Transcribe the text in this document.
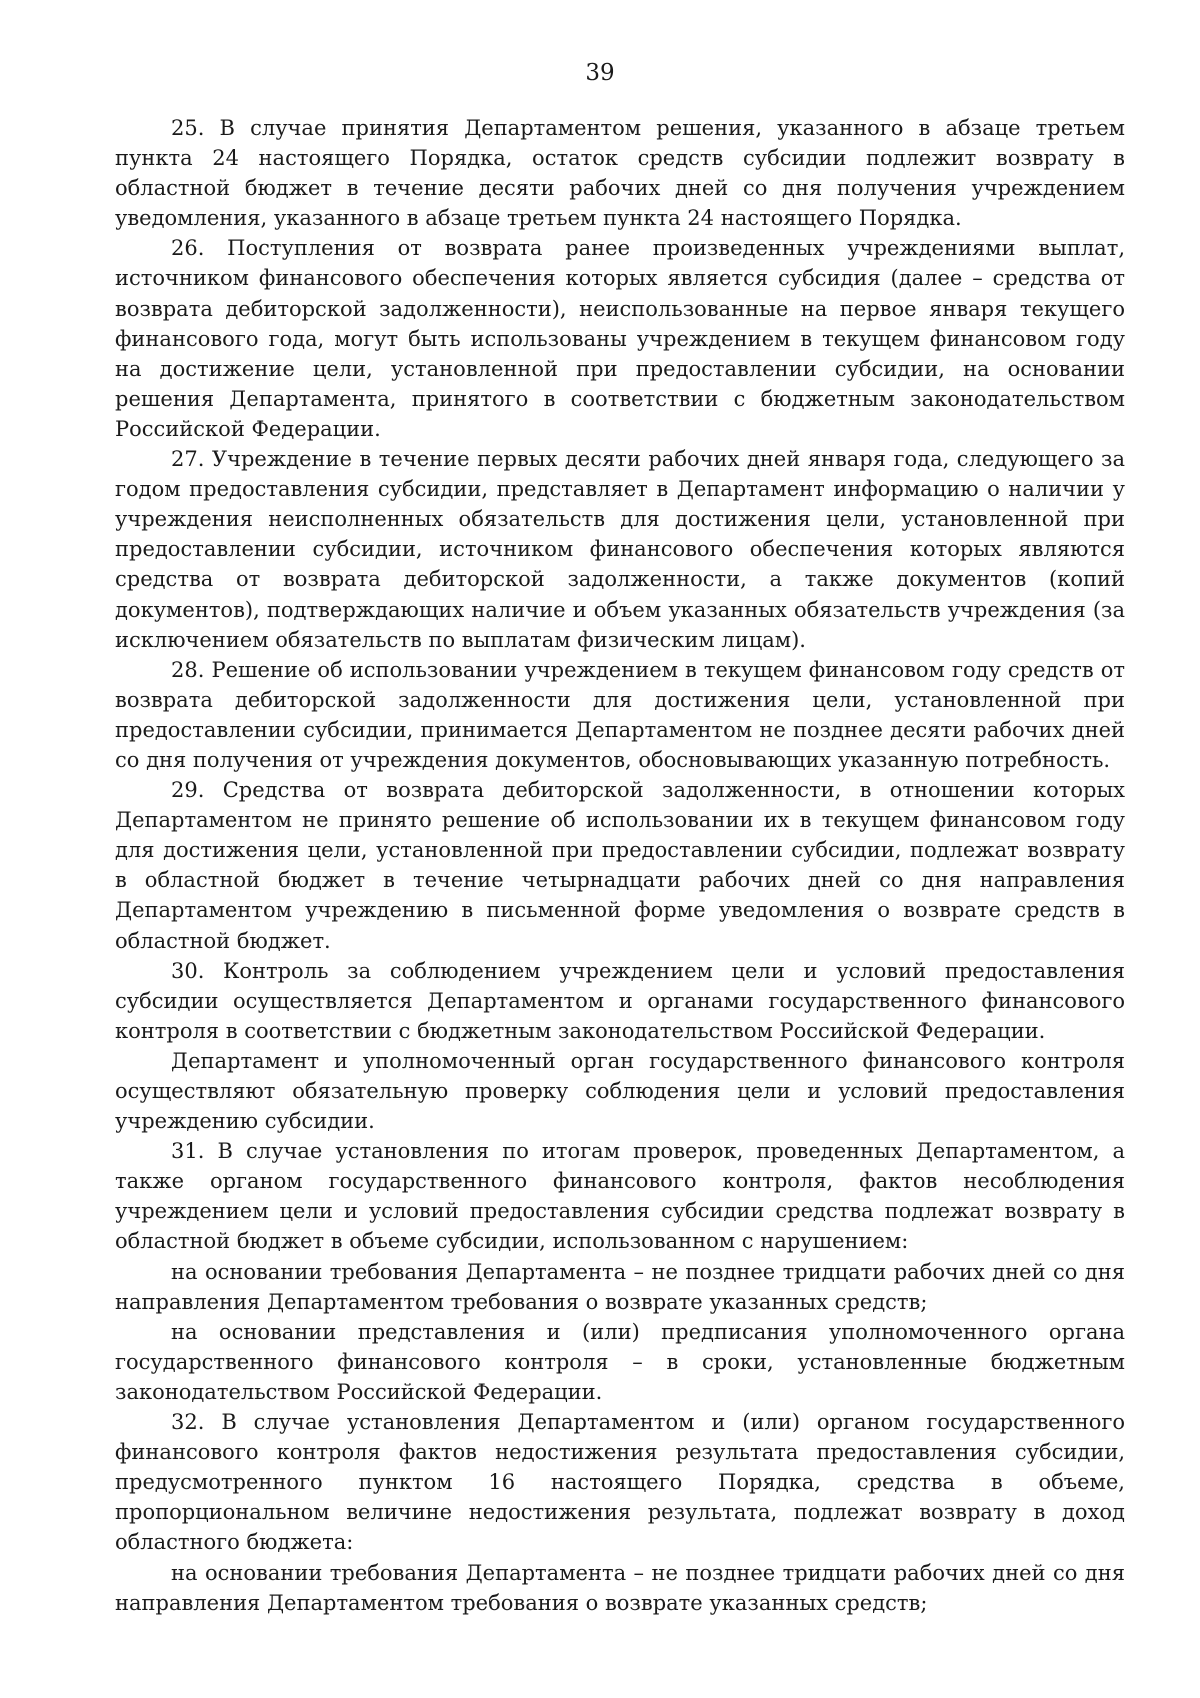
39

25. В случае принятия Департаментом решения, указанного в абзаце третьем пункта 24 настоящего Порядка, остаток средств субсидии подлежит возврату в областной бюджет в течение десяти рабочих дней со дня получения учреждением уведомления, указанного в абзаце третьем пункта 24 настоящего Порядка.

26. Поступления от возврата ранее произведенных учреждениями выплат, источником финансового обеспечения которых является субсидия (далее – средства от возврата дебиторской задолженности), неиспользованные на первое января текущего финансового года, могут быть использованы учреждением в текущем финансовом году на достижение цели, установленной при предоставлении субсидии, на основании решения Департамента, принятого в соответствии с бюджетным законодательством Российской Федерации.

27. Учреждение в течение первых десяти рабочих дней января года, следующего за годом предоставления субсидии, представляет в Департамент информацию о наличии у учреждения неисполненных обязательств для достижения цели, установленной при предоставлении субсидии, источником финансового обеспечения которых являются средства от возврата дебиторской задолженности, а также документов (копий документов), подтверждающих наличие и объем указанных обязательств учреждения (за исключением обязательств по выплатам физическим лицам).

28. Решение об использовании учреждением в текущем финансовом году средств от возврата дебиторской задолженности для достижения цели, установленной при предоставлении субсидии, принимается Департаментом не позднее десяти рабочих дней со дня получения от учреждения документов, обосновывающих указанную потребность.

29. Средства от возврата дебиторской задолженности, в отношении которых Департаментом не принято решение об использовании их в текущем финансовом году для достижения цели, установленной при предоставлении субсидии, подлежат возврату в областной бюджет в течение четырнадцати рабочих дней со дня направления Департаментом учреждению в письменной форме уведомления о возврате средств в областной бюджет.

30. Контроль за соблюдением учреждением цели и условий предоставления субсидии осуществляется Департаментом и органами государственного финансового контроля в соответствии с бюджетным законодательством Российской Федерации.

Департамент и уполномоченный орган государственного финансового контроля осуществляют обязательную проверку соблюдения цели и условий предоставления учреждению субсидии.

31. В случае установления по итогам проверок, проведенных Департаментом, а также органом государственного финансового контроля, фактов несоблюдения учреждением цели и условий предоставления субсидии средства подлежат возврату в областной бюджет в объеме субсидии, использованном с нарушением:

на основании требования Департамента – не позднее тридцати рабочих дней со дня направления Департаментом требования о возврате указанных средств;

на основании представления и (или) предписания уполномоченного органа государственного финансового контроля – в сроки, установленные бюджетным законодательством Российской Федерации.

32. В случае установления Департаментом и (или) органом государственного финансового контроля фактов недостижения результата предоставления субсидии, предусмотренного пунктом 16 настоящего Порядка, средства в объеме, пропорциональном величине недостижения результата, подлежат возврату в доход областного бюджета:

на основании требования Департамента – не позднее тридцати рабочих дней со дня направления Департаментом требования о возврате указанных средств;
